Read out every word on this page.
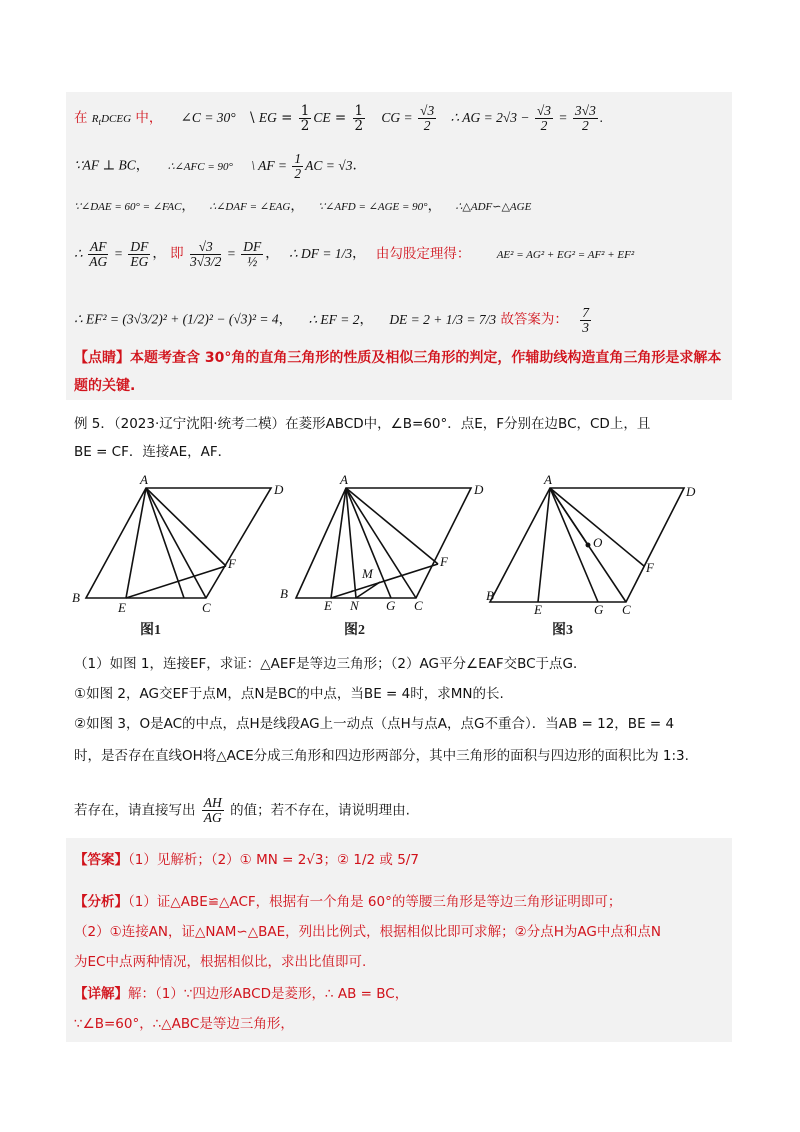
在 $R_tDCEG$ 中， ∠C = 30° \ EG = $\frac{1}{2}$ CE = $\frac{1}{2}$ CG = $\frac{√3}{2}$ ∴ AG = $2√3 - \frac{√3}{2} = \frac{3√3}{2}$ .
∵AF ⊥ BC， ∴∠AFC = 90° \ AF = $\frac{1}{2}$ AC = √3.
∵∠DAE = 60° = ∠FAC， ∴∠DAF = ∠EAG， ∵∠AFD = ∠AGE = 90°， ∴△ADF∽△AGE
∴ $\frac{AF}{AG} = \frac{DF}{EG}$ ， 即 $\frac{√3}{3√3/2} = \frac{DF}{\text{½}}$ ， ∴ DF = 1/3， 由勾股定理得： AE² = AG² + EG² = AF² + EF²
∴ EF² = (3√3/2)² + (1/2)² − (√3)² = 4， ∴ EF = 2， DE = 2 + 1/3 = 7/3 故答案为： $\frac{7}{3}$
【点睛】本题考查含 30°角的直角三角形的性质及相似三角形的判定，作辅助线构造直角三角形是求解本
题的关键.
例 5．（2023·辽宁沈阳·统考二模）在菱形ABCD中，∠B=60°．点E，F分别在边BC，CD上，且
BE = CF．连接AE，AF．
A
D
B
E	C
F
A
D
B
E N G C
F
M
A
D
B
E	G C
F
O
图1	图2	图3
（1）如图 1，连接EF，求证：△AEF是等边三角形；（2）AG平分∠EAF交BC于点G．
①如图 2，AG交EF于点M，点N是BC的中点，当BE = 4时，求MN的长.
②如图 3，O是AC的中点，点H是线段AG上一动点（点H与点A，点G不重合）．当AB = 12，BE = 4
时，是否存在直线OH将△ACE分成三角形和四边形两部分，其中三角形的面积与四边形的面积比为 1:3.
若存在，请直接写出 $\frac{AH}{AG}$ 的值；若不存在，请说明理由.
【答案】（1）见解析；（2）① MN = 2√3；② 1/2 或 5/7
【分析】（1）证△ABE≌△ACF，根据有一个角是 60°的等腰三角形是等边三角形证明即可；
（2）①连接AN，证△NAM∽△BAE，列出比例式，根据相似比即可求解；②分点H为AG中点和点N
为EC中点两种情况，根据相似比，求出比值即可.
【详解】解：（1）∵四边形ABCD是菱形，∴ AB = BC，
∵∠B=60°，∴△ABC是等边三角形，
